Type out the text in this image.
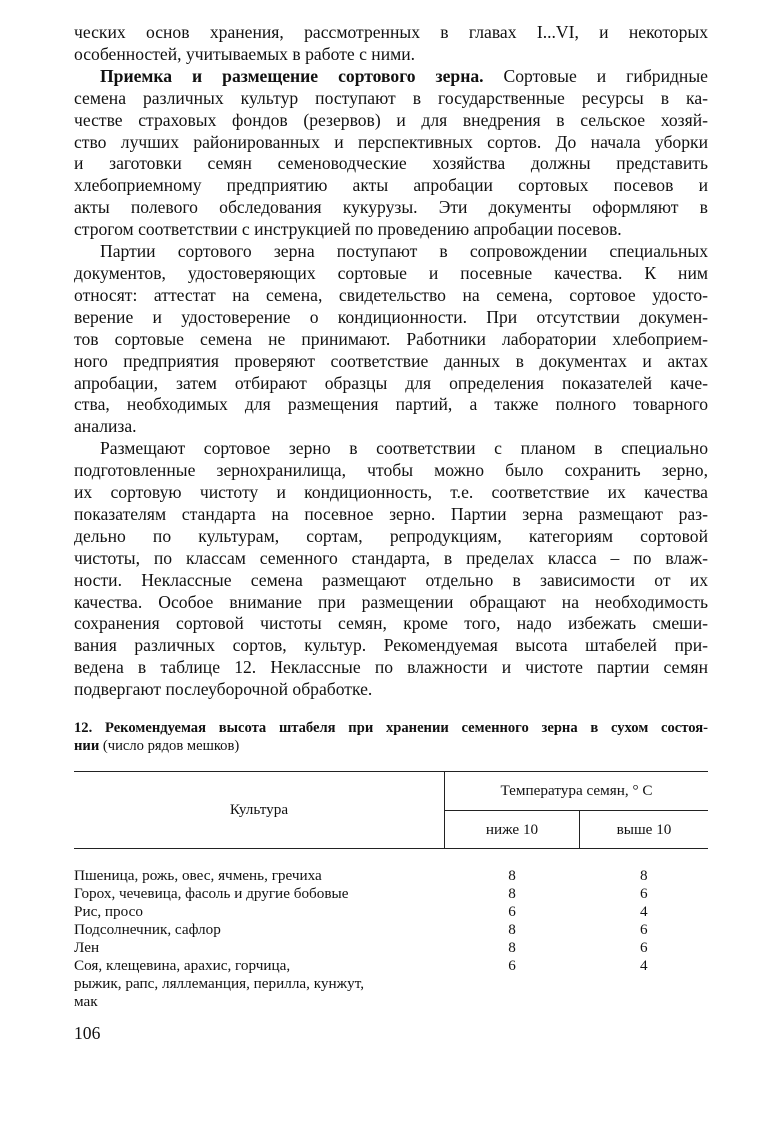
ческих основ хранения, рассмотренных в главах I...VI, и некоторых
особенностей, учитываемых в работе с ними.

Приемка и размещение сортового зерна. Сортовые и гибридные
семена различных культур поступают в государственные ресурсы в ка-
честве страховых фондов (резервов) и для внедрения в сельское хозяй-
ство лучших районированных и перспективных сортов. До начала уборки
и заготовки семян семеноводческие хозяйства должны представить
хлебоприемному предприятию акты апробации сортовых посевов и
акты полевого обследования кукурузы. Эти документы оформляют в
строгом соответствии с инструкцией по проведению апробации посевов.

Партии сортового зерна поступают в сопровождении специальных
документов, удостоверяющих сортовые и посевные качества. К ним
относят: аттестат на семена, свидетельство на семена, сортовое удосто-
верение и удостоверение о кондиционности. При отсутствии докумен-
тов сортовые семена не принимают. Работники лаборатории хлебоприем-
ного предприятия проверяют соответствие данных в документах и актах
апробации, затем отбирают образцы для определения показателей каче-
ства, необходимых для размещения партий, а также полного товарного
анализа.

Размещают сортовое зерно в соответствии с планом в специально
подготовленные зернохранилища, чтобы можно было сохранить зерно,
их сортовую чистоту и кондиционность, т.е. соответствие их качества
показателям стандарта на посевное зерно. Партии зерна размещают раз-
дельно по культурам, сортам, репродукциям, категориям сортовой
чистоты, по классам семенного стандарта, в пределах класса – по влаж-
ности. Неклассные семена размещают отдельно в зависимости от их
качества. Особое внимание при размещении обращают на необходимость
сохранения сортовой чистоты семян, кроме того, надо избежать смеши-
вания различных сортов, культур. Рекомендуемая высота штабелей при-
ведена в таблице 12. Неклассные по влажности и чистоте партии семян
подвергают послеуборочной обработке.

12. Рекомендуемая высота штабеля при хранении семенного зерна в сухом состоя-
нии (число рядов мешков)
Культура	Температура семян, ° С	
	ниже 10	выше 10

Пшеница, рожь, овес, ячмень, гречиха	8	8
Горох, чечевица, фасоль и другие бобовые	8	6
Рис, просо	6	4
Подсолнечник, сафлор	8	6
Лен	8	6
Соя, клещевина, арахис, горчица,	6	4
рыжик, рапс, ляллеманция, перилла, кунжут,		
мак		
106
